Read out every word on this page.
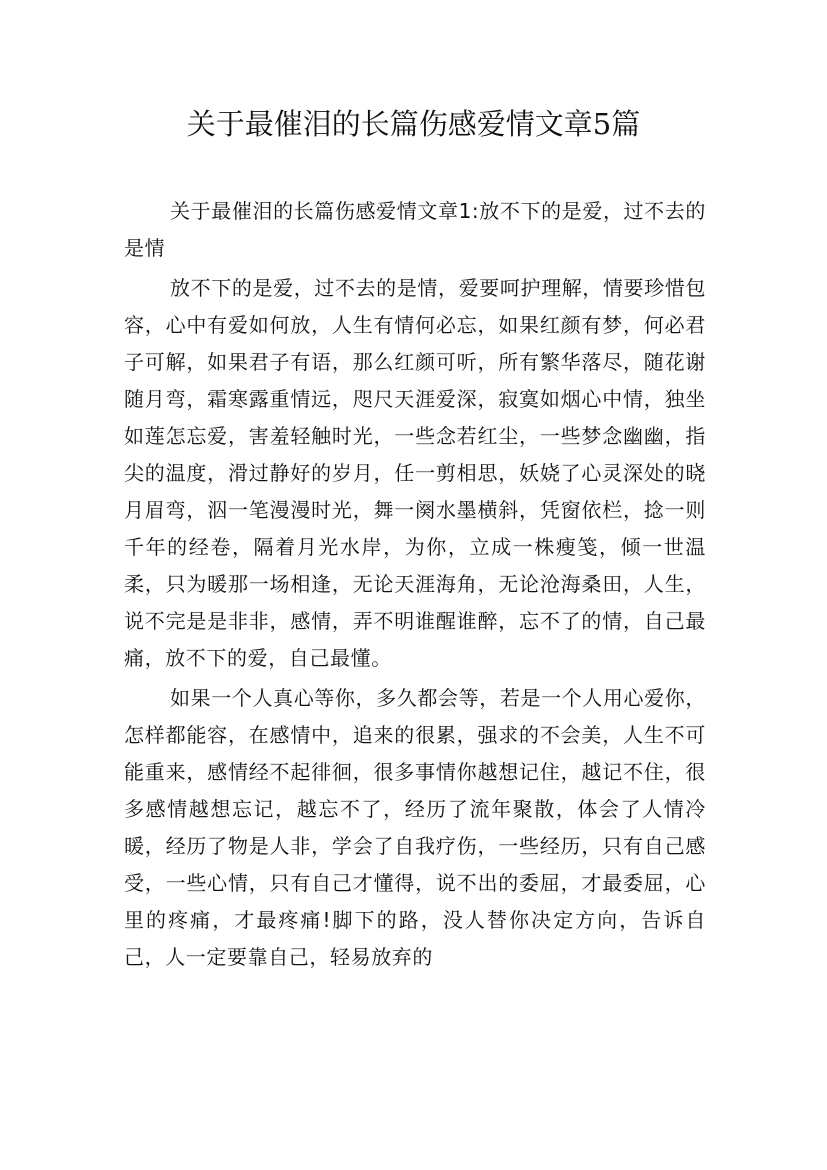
关于最催泪的长篇伤感爱情文章5篇

关于最催泪的长篇伤感爱情文章1:放不下的是爱，过不去的是情

放不下的是爱，过不去的是情，爱要呵护理解，情要珍惜包容，心中有爱如何放，人生有情何必忘，如果红颜有梦，何必君子可解，如果君子有语，那么红颜可听，所有繁华落尽，随花谢随月弯，霜寒露重情远，咫尺天涯爱深，寂寞如烟心中情，独坐如莲怎忘爱，害羞轻触时光，一些念若红尘，一些梦念幽幽，指尖的温度，滑过静好的岁月，任一剪相思，妖娆了心灵深处的晓月眉弯，泅一笔漫漫时光，舞一阕水墨横斜，凭窗依栏，捻一则千年的经卷，隔着月光水岸，为你，立成一株瘦笺，倾一世温柔，只为暖那一场相逢，无论天涯海角，无论沧海桑田，人生，说不完是是非非，感情，弄不明谁醒谁醉，忘不了的情，自己最痛，放不下的爱，自己最懂。

如果一个人真心等你，多久都会等，若是一个人用心爱你，怎样都能容，在感情中，追来的很累，强求的不会美，人生不可能重来，感情经不起徘徊，很多事情你越想记住，越记不住，很多感情越想忘记，越忘不了，经历了流年聚散，体会了人情冷暖，经历了物是人非，学会了自我疗伤，一些经历，只有自己感受，一些心情，只有自己才懂得，说不出的委屈，才最委屈，心里的疼痛，才最疼痛!脚下的路，没人替你决定方向，告诉自己，人一定要靠自己，轻易放弃的
